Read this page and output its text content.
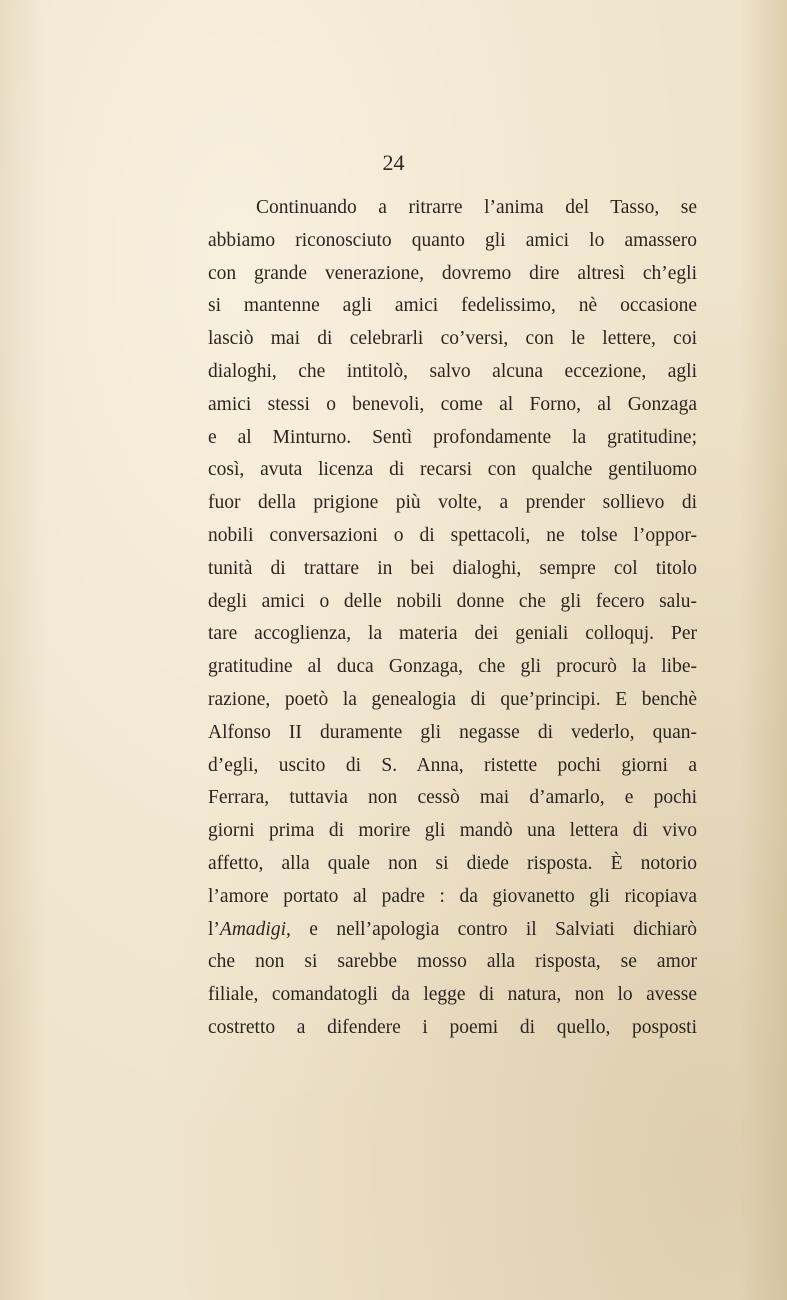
24
Continuando a ritrarre l’anima del Tasso, se
abbiamo riconosciuto quanto gli amici lo amassero
con grande venerazione, dovremo dire altresì ch’egli
si mantenne agli amici fedelissimo, nè occasione
lasciò mai di celebrarli co’versi, con le lettere, coi
dialoghi, che intitolò, salvo alcuna eccezione, agli
amici stessi o benevoli, come al Forno, al Gonzaga
e al Minturno. Sentì profondamente la gratitudine;
così, avuta licenza di recarsi con qualche gentiluomo
fuor della prigione più volte, a prender sollievo di
nobili conversazioni o di spettacoli, ne tolse l’oppor-
tunità di trattare in bei dialoghi, sempre col titolo
degli amici o delle nobili donne che gli fecero salu-
tare accoglienza, la materia dei geniali colloquj. Per
gratitudine al duca Gonzaga, che gli procurò la libe-
razione, poetò la genealogia di que’principi. E benchè
Alfonso II duramente gli negasse di vederlo, quan-
d’egli, uscito di S. Anna, ristette pochi giorni a
Ferrara, tuttavia non cessò mai d’amarlo, e pochi
giorni prima di morire gli mandò una lettera di vivo
affetto, alla quale non si diede risposta. È notorio
l’amore portato al padre : da giovanetto gli ricopiava
l’Amadigi, e nell’apologia contro il Salviati dichiarò
che non si sarebbe mosso alla risposta, se amor
filiale, comandatogli da legge di natura, non lo avesse
costretto a difendere i poemi di quello, posposti
